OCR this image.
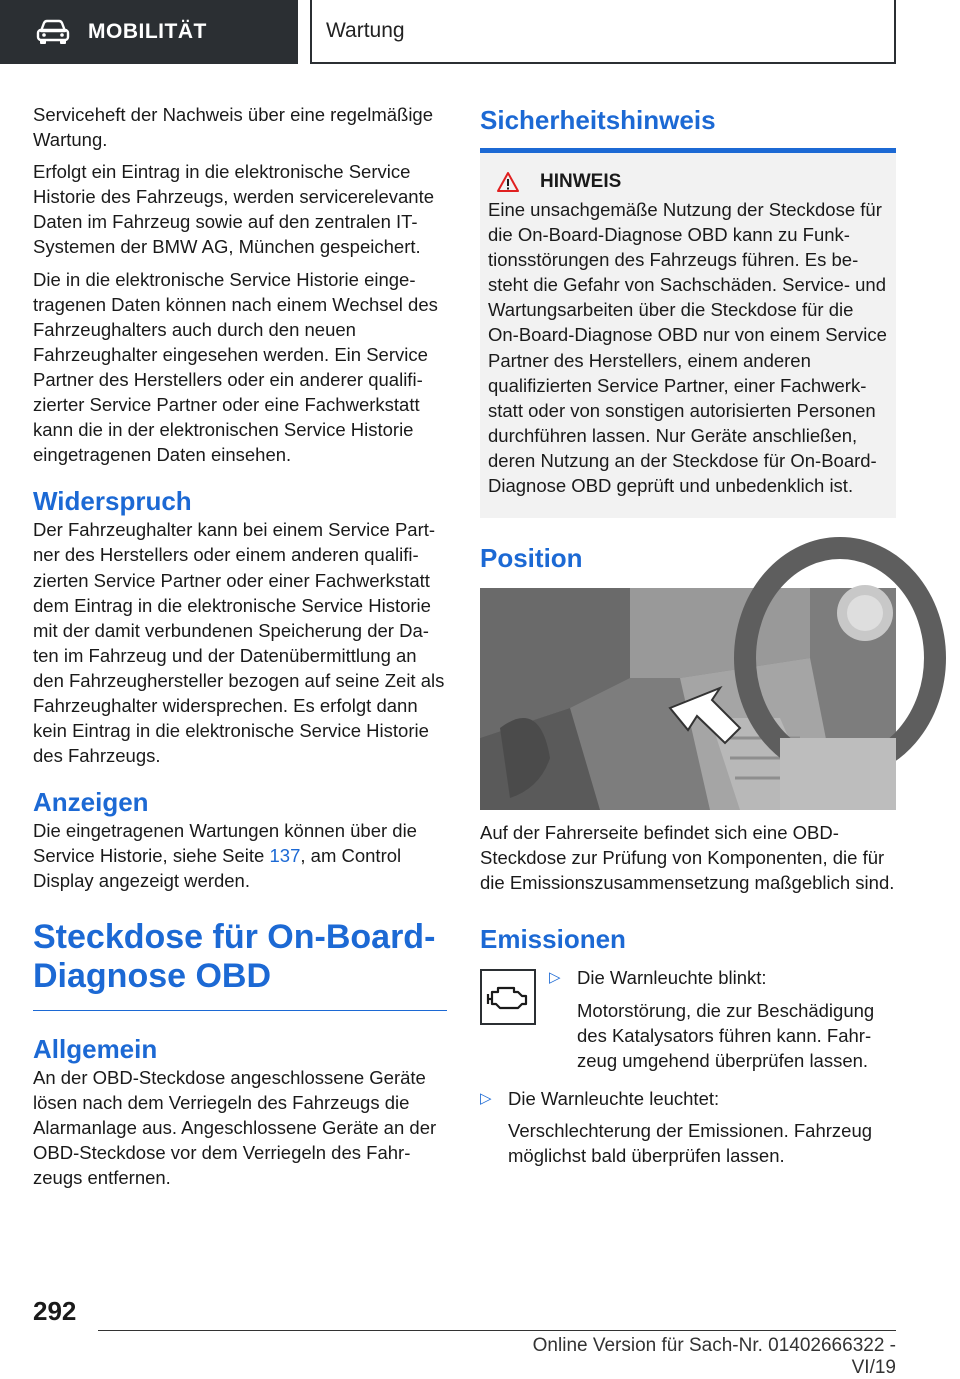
MOBILITÄT	Wartung

Serviceheft der Nachweis über eine regelmäßige Wartung.

Erfolgt ein Eintrag in die elektronische Service Historie des Fahrzeugs, werden servicerelevante Daten im Fahrzeug sowie auf den zentralen IT-Systemen der BMW AG, München gespeichert.

Die in die elektronische Service Historie eingetragenen Daten können nach einem Wechsel des Fahrzeughalters auch durch den neuen Fahrzeughalter eingesehen werden. Ein Service Partner des Herstellers oder ein anderer qualifizierter Service Partner oder eine Fachwerkstatt kann die in der elektronischen Service Historie eingetragenen Daten einsehen.

Widerspruch

Der Fahrzeughalter kann bei einem Service Partner des Herstellers oder einem anderen qualifizierten Service Partner oder einer Fachwerkstatt dem Eintrag in die elektronische Service Historie mit der damit verbundenen Speicherung der Daten im Fahrzeug und der Datenübermittlung an den Fahrzeughersteller bezogen auf seine Zeit als Fahrzeughalter widersprechen. Es erfolgt dann kein Eintrag in die elektronische Service Historie des Fahrzeugs.

Anzeigen

Die eingetragenen Wartungen können über die Service Historie, siehe Seite 137, am Control Display angezeigt werden.

Steckdose für On-Board-Diagnose OBD
Allgemein

An der OBD-Steckdose angeschlossene Geräte lösen nach dem Verriegeln des Fahrzeugs die Alarmanlage aus. Angeschlossene Geräte an der OBD-Steckdose vor dem Verriegeln des Fahrzeugs entfernen.

Sicherheitshinweis
HINWEIS

Eine unsachgemäße Nutzung der Steckdose für die On-Board-Diagnose OBD kann zu Funktionsstörungen des Fahrzeugs führen. Es besteht die Gefahr von Sachschäden. Service- und Wartungsarbeiten über die Steckdose für die On-Board-Diagnose OBD nur von einem Service Partner des Herstellers, einem anderen qualifizierten Service Partner, einer Fachwerkstatt oder von sonstigen autorisierten Personen durchführen lassen. Nur Geräte anschließen, deren Nutzung an der Steckdose für On-Board-Diagnose OBD geprüft und unbedenklich ist.

Position

Auf der Fahrerseite befindet sich eine OBD-Steckdose zur Prüfung von Komponenten, die für die Emissionszusammensetzung maßgeblich sind.

Emissionen
▷ Die Warnleuchte blinkt:

Motorstörung, die zur Beschädigung des Katalysators führen kann. Fahrzeug umgehend überprüfen lassen.

▷ Die Warnleuchte leuchtet:

Verschlechterung der Emissionen. Fahrzeug möglichst bald überprüfen lassen.

292
Online Version für Sach-Nr. 01402666322 - VI/19
